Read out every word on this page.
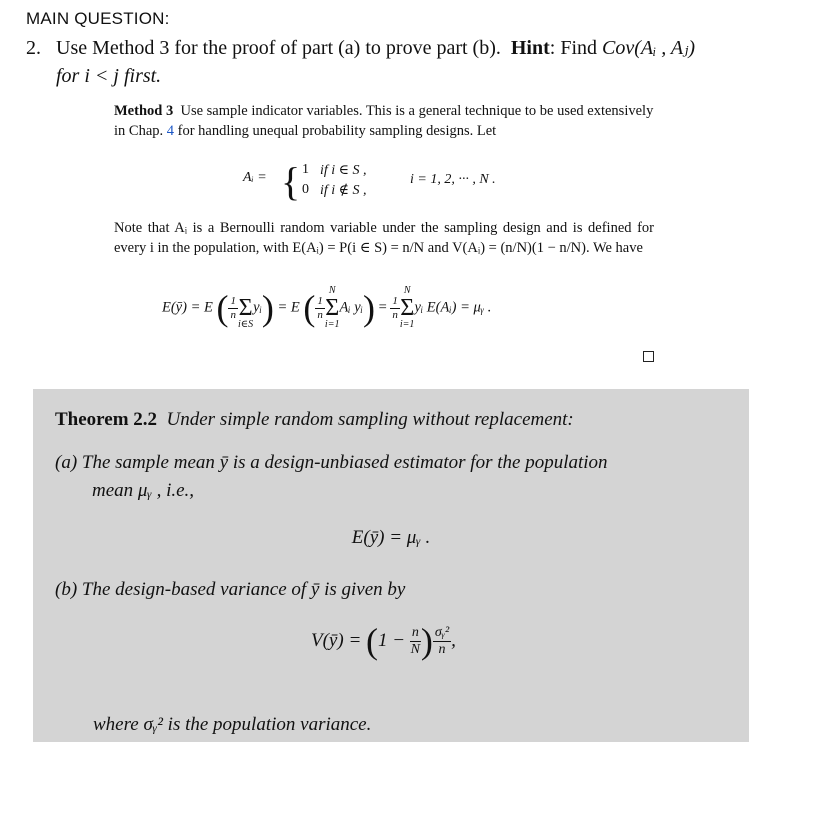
MAIN QUESTION:
2. Use Method 3 for the proof of part (a) to prove part (b). Hint: Find Cov(Aᵢ , Aⱼ)
for i < j first.
Method 3 Use sample indicator variables. This is a general technique to be used extensively in Chap. 4 for handling unequal probability sampling designs. Let
Aᵢ = { 1 if i ∈ S ,
0 if i ∉ S ,
i = 1, 2, ··· , N .
Note that Aᵢ is a Bernoulli random variable under the sampling design and is defined for every i in the population, with E(Aᵢ) = P(i ∈ S) = n/N and V(Aᵢ) = (n/N)(1 − n/N). We have
E(ȳ) = E ( $\frac{1}{n}$
Σ
i∈S
yᵢ) = E ( $\frac{1}{n}$
N
Σ
i=1
Aᵢ yᵢ) = $\frac{1}{n}$
N
Σ
i=1
yᵢ E(Aᵢ) = μᵧ .
Theorem 2.2 Under simple random sampling without replacement:
(a) The sample mean ȳ is a design-unbiased estimator for the population
mean μᵧ , i.e.,
E(ȳ) = μᵧ .
(b) The design-based variance of ȳ is given by
V(ȳ) = ($1 - \frac{n}{N}$ ) $\frac{\text{σᵧ²}}{n}$ ,
where σᵧ² is the population variance.
